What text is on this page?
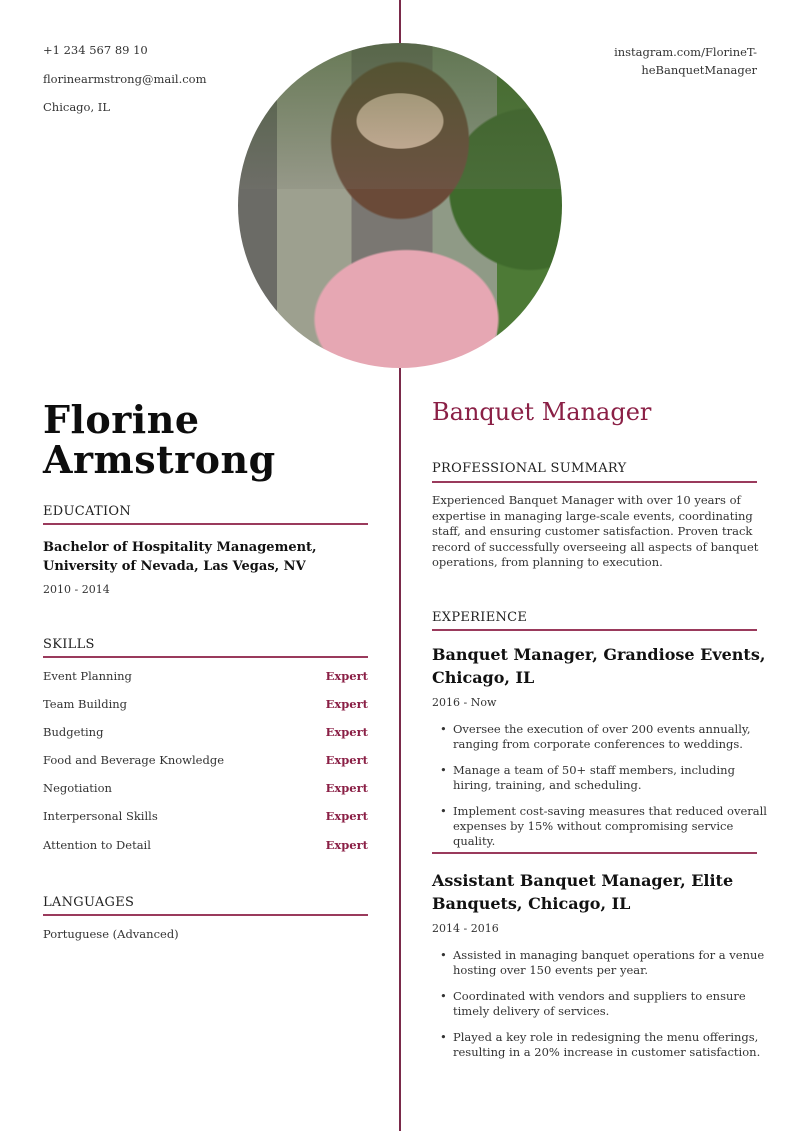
+1 234 567 89 10
florinearmstrong@mail.com
Chicago, IL
instagram.com/FlorineT-
heBanquetManager
Florine
Armstrong
EDUCATION
Bachelor of Hospitality Management, University of Nevada, Las Vegas, NV
2010 - 2014
SKILLS
Event Planning	Expert
Team Building	Expert
Budgeting	Expert
Food and Beverage Knowledge	Expert
Negotiation	Expert
Interpersonal Skills	Expert
Attention to Detail	Expert
LANGUAGES
Portuguese (Advanced)
Banquet Manager
PROFESSIONAL SUMMARY
Experienced Banquet Manager with over 10 years of expertise in managing large-scale events, coordinating staff, and ensuring customer satisfaction. Proven track record of successfully overseeing all aspects of banquet operations, from planning to execution.
EXPERIENCE
Banquet Manager, Grandiose Events, Chicago, IL
2016 - Now
• Oversee the execution of over 200 events annually, ranging from corporate conferences to weddings.
• Manage a team of 50+ staff members, including hiring, training, and scheduling.
• Implement cost-saving measures that reduced overall expenses by 15% without compromising service quality.
Assistant Banquet Manager, Elite Banquets, Chicago, IL
2014 - 2016
• Assisted in managing banquet operations for a venue hosting over 150 events per year.
• Coordinated with vendors and suppliers to ensure timely delivery of services.
• Played a key role in redesigning the menu offerings, resulting in a 20% increase in customer satisfaction.
